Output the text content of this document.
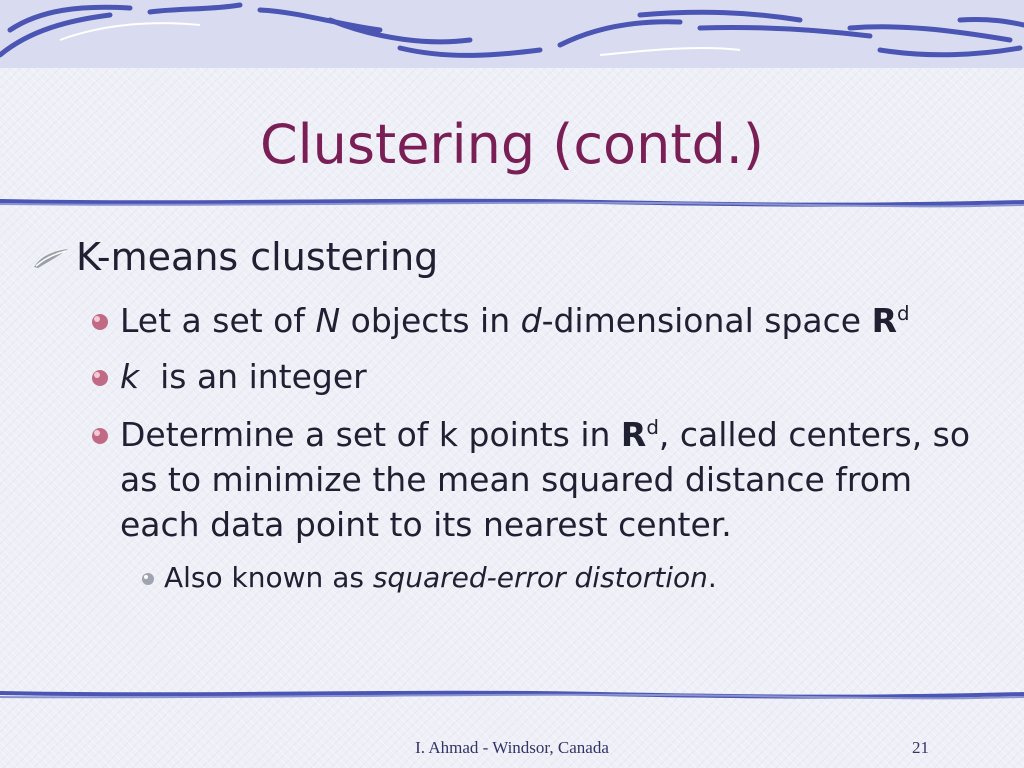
Clustering (contd.)
K-means clustering
Let a set of N objects in d-dimensional space $R^d$
k  is an integer
Determine a set of k points in $R^d$, called centers, so as to minimize the mean squared distance from each data point to its nearest center.
Also known as squared-error distortion.
I. Ahmad - Windsor, Canada	21
